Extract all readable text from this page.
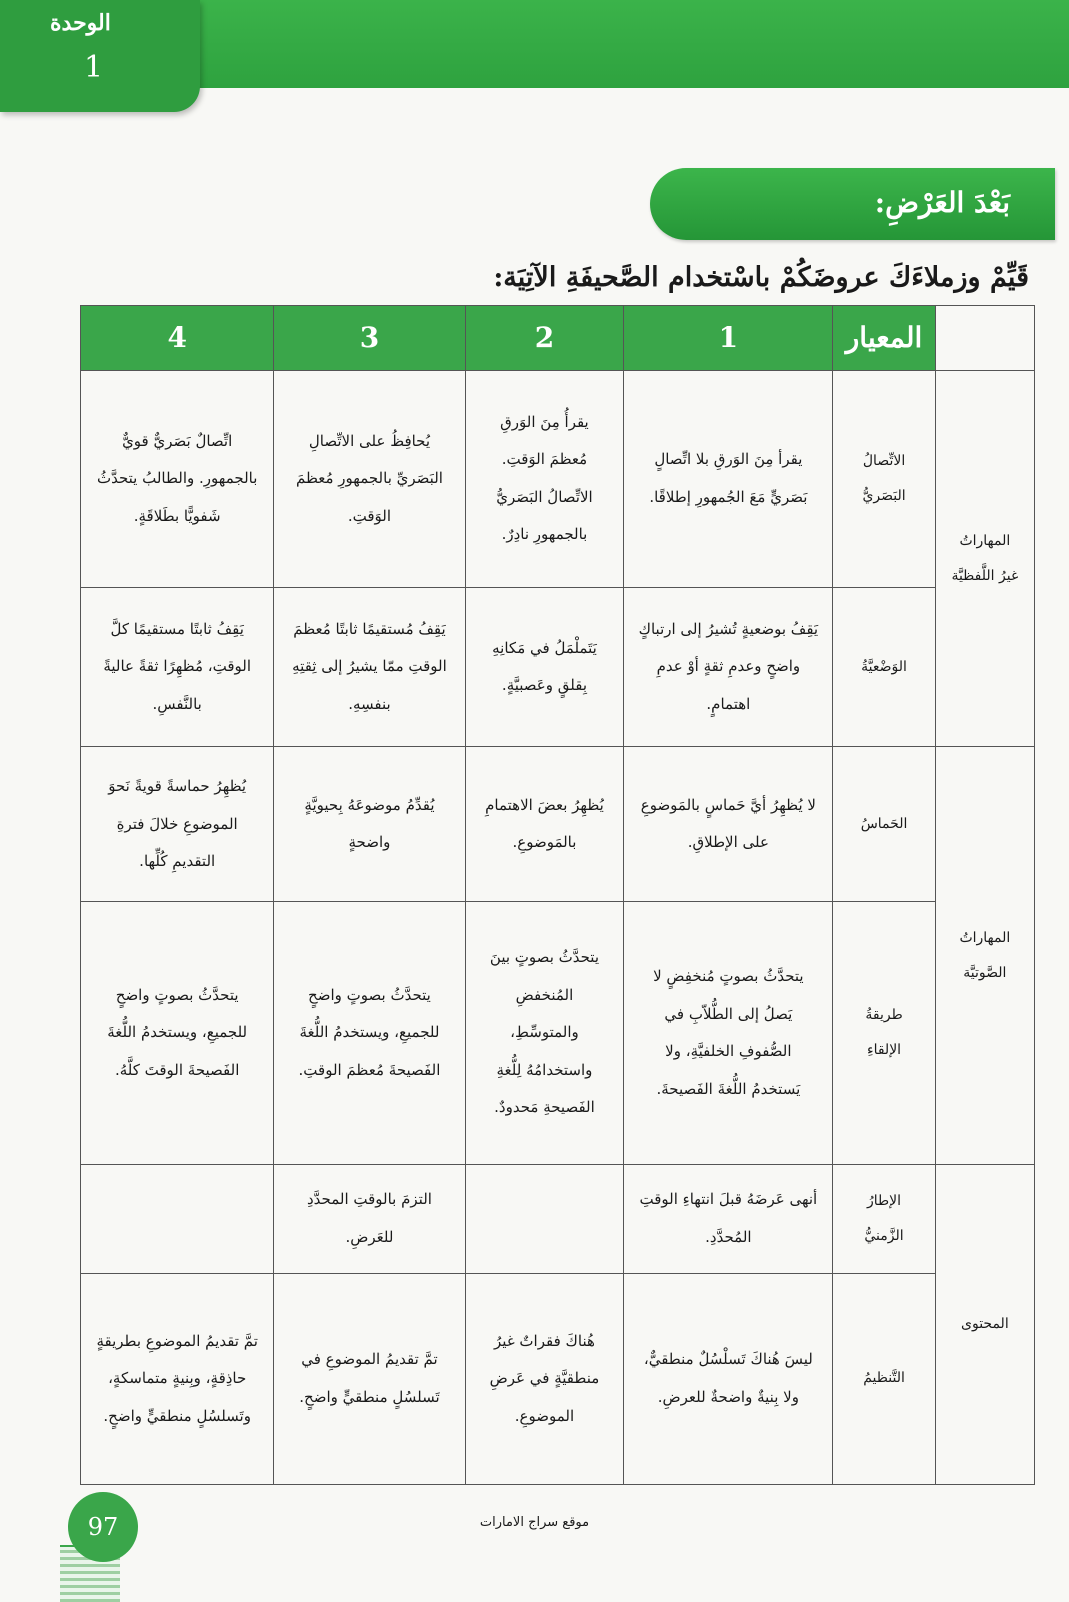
الوحدة
1
بَعْدَ العَرْضِ:
قَيِّمْ وزملاءَكَ عروضَكُمْ باسْتخدام الصَّحيفَةِ الآتِيَة:
	المعيار	1	2	3	4
المهاراتُ غيرُ اللَّفظيَّة	الاتِّصالُ البَصَريُّ	يقرأ مِنَ الوَرقِ بلا اتِّصالٍ بَصَريٍّ مَعَ الجُمهورِ إطلاقًا.	يقرأُ مِنَ الوَرقِ مُعظمَ الوَقتِ. الاتِّصالُ البَصَريُّ بالجمهورِ نادِرٌ.	يُحافِظُ على الاتِّصالِ البَصَريِّ بالجمهورِ مُعظمَ الوَقتِ.	اتِّصالٌ بَصَريٌّ قويٌّ بالجمهورِ. والطالبُ يتحدَّثُ شَفويًّا بطَلاقَةٍ.
	الوَضْعيَّةُ	يَقِفُ بوضعيةٍ تُشيرُ إلى ارتباكٍ واضحٍ وعدمِ ثقةٍ أوْ عدمِ اهتمامٍ.	يَتَملْمَلُ في مَكانِهِ بِقلقٍ وعَصبيَّةٍ.	يَقِفُ مُستقيمًا ثابتًا مُعظمَ الوقتِ ممّا يشيرُ إلى ثِقتِهِ بنفسِهِ.	يَقِفُ ثابتًا مستقيمًا كلَّ الوقتِ، مُظهِرًا ثقةً عاليةً بالنَّفسِ.
المهاراتُ الصَّوتيَّة	الحَماسُ	لا يُظهِرُ أيَّ حَماسٍ بالمَوضوعِ على الإطلاقِ.	يُظهِرُ بعضَ الاهتمامِ بالمَوضوعِ.	يُقدِّمُ موضوعَهُ بِحيويَّةٍ واضحةٍ	يُظهِرُ حماسةً قويةً نَحوَ الموضوعِ خلالَ فترةِ التقديمِ كُلِّها.
	طريقةُ الإلقاءِ	يتحدَّثُ بصوتٍ مُنخفِضٍ لا يَصلُ إلى الطُّلاّبِ في الصُّفوفِ الخلفيَّةِ، ولا يَستخدمُ اللُّغةَ الفَصيحةَ.	يتحدَّثُ بصوتٍ بينَ المُنخفضِ والمتوسِّطِ، واستخدامُهُ لِلُّغةِ الفَصيحةِ مَحدودٌ.	يتحدَّثُ بصوتٍ واضحٍ للجميعِ، ويستخدمُ اللُّغةَ الفَصيحةَ مُعظمَ الوقتِ.	يتحدَّثُ بصوتٍ واضحٍ للجميعِ، ويستخدمُ اللُّغةَ الفَصيحةَ الوقتَ كلَّهُ.
المحتوى	الإطارُ الزَّمنيُّ	أنهى عَرضَهُ قبلَ انتهاءِ الوقتِ المُحدَّدِ.		التزمَ بالوقتِ المحدَّدِ للعَرضِ.	
	التَّنظيمُ	ليسَ هُناكَ تَسلْسُلٌ منطقيٌّ، ولا بِنيةٌ واضحةٌ للعرضِ.	هُناكَ فقراتٌ غيرُ منطقيَّةٍ في عَرضِ الموضوعِ.	تمَّ تقديمُ الموضوعِ في تَسلسُلٍ منطقيٍّ واضحٍ.	تمَّ تقديمُ الموضوعِ بطريقةٍ حاذِقةٍ، وبِنيةٍ متماسكةٍ، وتَسلسُلٍ منطقيٍّ واضحٍ.
97	موقع سراج الامارات
